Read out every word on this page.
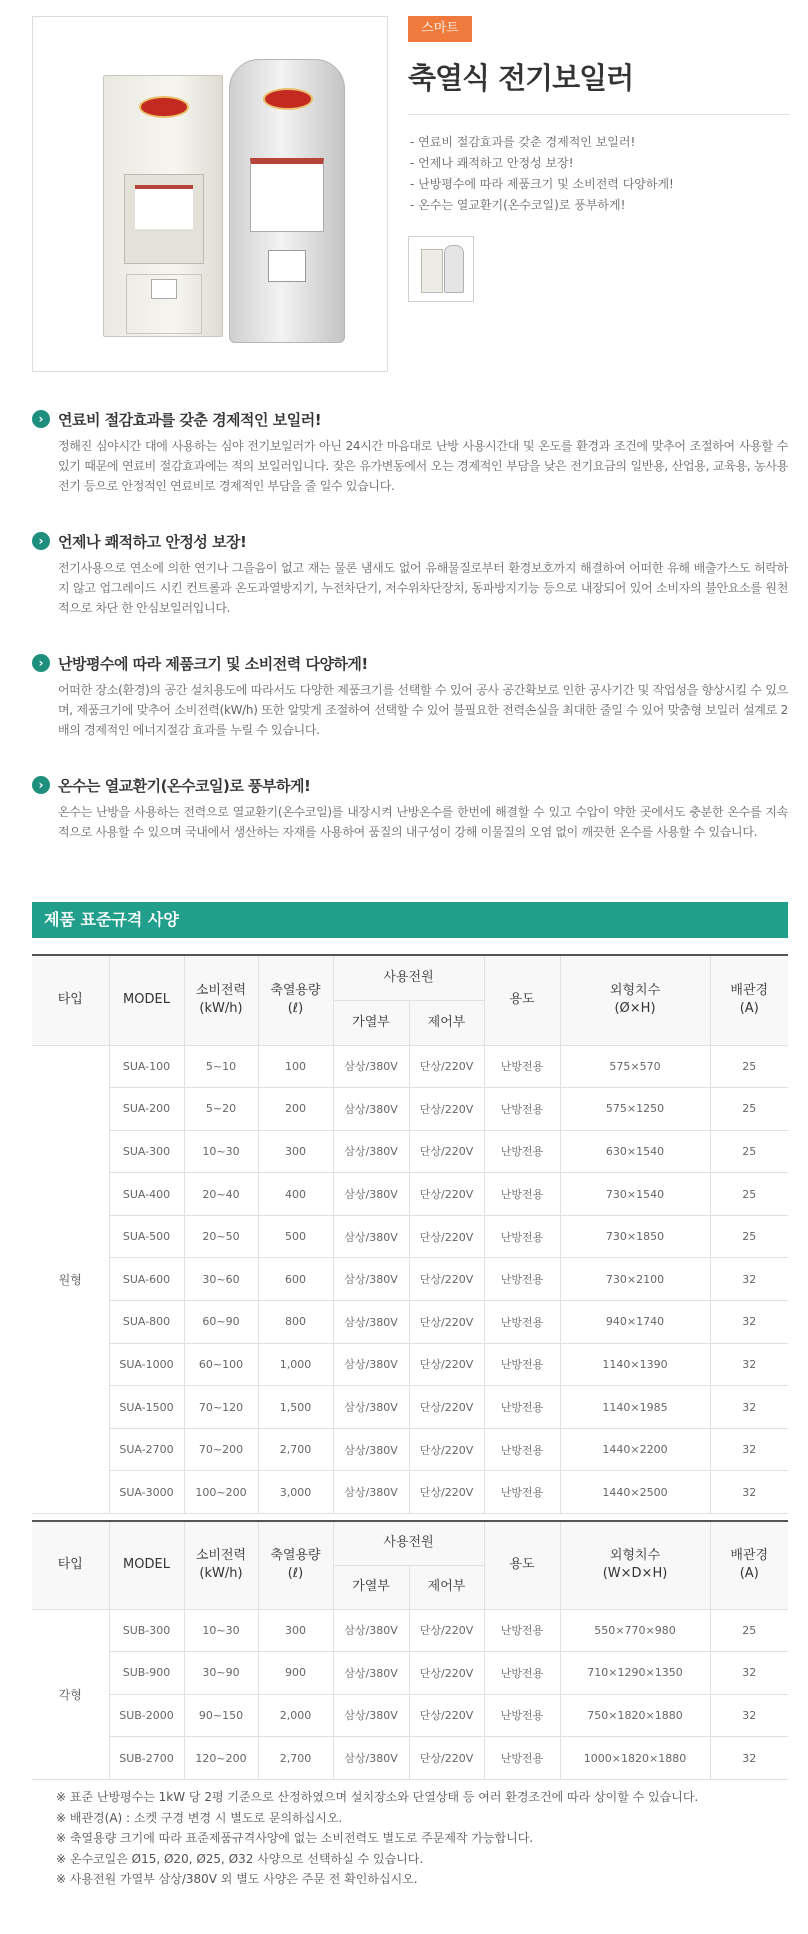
스마트
축열식 전기보일러
- 연료비 절감효과를 갖춘 경제적인 보일러!
- 언제나 쾌적하고 안정성 보장!
- 난방평수에 따라 제품크기 및 소비전력 다양하게!
- 온수는 열교환기(온수코일)로 풍부하게!
› 연료비 절감효과를 갖춘 경제적인 보일러!

정해진 심야시간 대에 사용하는 심야 전기보일러가 아닌 24시간 마음대로 난방 사용시간대 및 온도를 환경과 조건에 맞추어 조절하여 사용할 수 있기 때문에 연료비 절감효과에는 적의 보일러입니다. 잦은 유가변동에서 오는 경제적인 부담을 낮은 전기요금의 일반용, 산업용, 교육용, 농사용 전기 등으로 안정적인 연료비로 경제적인 부담을 줄 일수 있습니다.

› 언제나 쾌적하고 안정성 보장!

전기사용으로 연소에 의한 연기나 그을음이 없고 재는 물론 냄새도 없어 유해물질로부터 환경보호까지 해결하여 어떠한 유해 배출가스도 허락하지 않고 업그레이드 시킨 컨트롤과 온도과열방지기, 누전차단기, 저수위차단장치, 동파방지기능 등으로 내장되어 있어 소비자의 불안요소를 원천적으로 차단 한 안심보일러입니다.

› 난방평수에 따라 제품크기 및 소비전력 다양하게!

어떠한 장소(환경)의 공간 설치용도에 따라서도 다양한 제품크기를 선택할 수 있어 공사 공간확보로 인한 공사기간 및 작업성을 향상시킬 수 있으며, 제품크기에 맞추어 소비전력(kW/h) 또한 알맞게 조절하여 선택할 수 있어 불필요한 전력손실을 최대한 줄일 수 있어 맞춤형 보일러 설계로 2배의 경제적인 에너지절감 효과를 누릴 수 있습니다.

› 온수는 열교환기(온수코일)로 풍부하게!

온수는 난방을 사용하는 전력으로 열교환기(온수코일)를 내장시켜 난방온수를 한번에 해결할 수 있고 수압이 약한 곳에서도 충분한 온수를 지속적으로 사용할 수 있으며 국내에서 생산하는 자재를 사용하여 품질의 내구성이 강해 이물질의 오염 없이 깨끗한 온수를 사용할 수 있습니다.

제품 표준규격 사양
타입	MODEL	소비전력
(kW/h)	축열용량
(ℓ)	사용전원		용도	외형치수
(Ø×H)	배관경
(A)
				가열부	제어부			
원형	SUA-100	5~10	100	삼상/380V	단상/220V	난방전용	575×570	25
	SUA-200	5~20	200	삼상/380V	단상/220V	난방전용	575×1250	25
	SUA-300	10~30	300	삼상/380V	단상/220V	난방전용	630×1540	25
	SUA-400	20~40	400	삼상/380V	단상/220V	난방전용	730×1540	25
	SUA-500	20~50	500	삼상/380V	단상/220V	난방전용	730×1850	25
	SUA-600	30~60	600	삼상/380V	단상/220V	난방전용	730×2100	32
	SUA-800	60~90	800	삼상/380V	단상/220V	난방전용	940×1740	32
	SUA-1000	60~100	1,000	삼상/380V	단상/220V	난방전용	1140×1390	32
	SUA-1500	70~120	1,500	삼상/380V	단상/220V	난방전용	1140×1985	32
	SUA-2700	70~200	2,700	삼상/380V	단상/220V	난방전용	1440×2200	32
	SUA-3000	100~200	3,000	삼상/380V	단상/220V	난방전용	1440×2500	32
타입	MODEL	소비전력
(kW/h)	축열용량
(ℓ)	사용전원		용도	외형치수
(W×D×H)	배관경
(A)
				가열부	제어부			
각형	SUB-300	10~30	300	삼상/380V	단상/220V	난방전용	550×770×980	25
	SUB-900	30~90	900	삼상/380V	단상/220V	난방전용	710×1290×1350	32
	SUB-2000	90~150	2,000	삼상/380V	단상/220V	난방전용	750×1820×1880	32
	SUB-2700	120~200	2,700	삼상/380V	단상/220V	난방전용	1000×1820×1880	32
※ 표준 난방평수는 1kW 당 2평 기준으로 산정하였으며 설치장소와 단열상태 등 여러 환경조건에 따라 상이할 수 있습니다.
※ 배관경(A) : 소켓 구경 변경 시 별도로 문의하십시오.
※ 축열용량 크기에 따라 표준제품규격사양에 없는 소비전력도 별도로 주문제작 가능합니다.
※ 온수코일은 Ø15, Ø20, Ø25, Ø32 사양으로 선택하실 수 있습니다.
※ 사용전원 가열부 삼상/380V 외 별도 사양은 주문 전 확인하십시오.
